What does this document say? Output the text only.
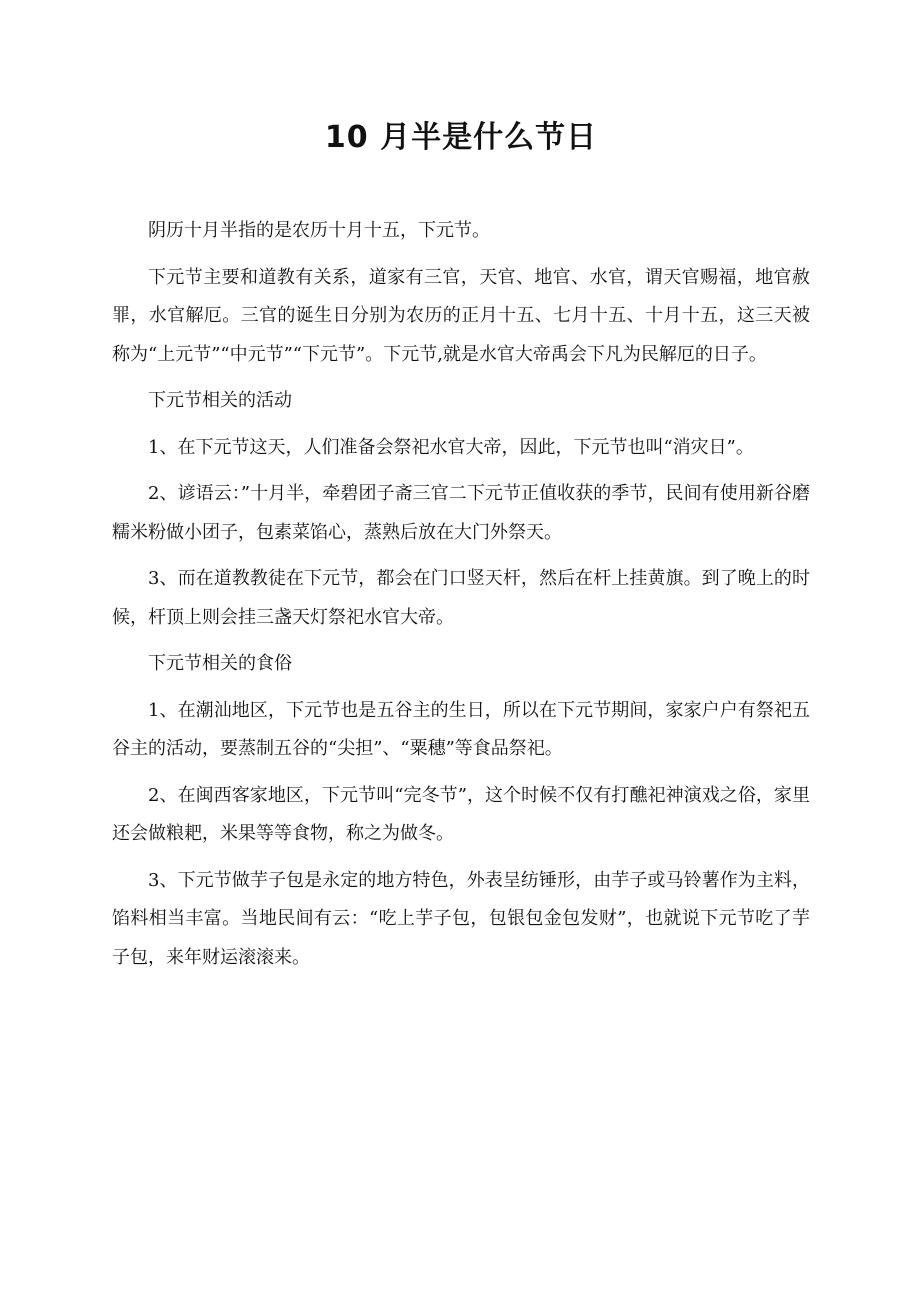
10 月半是什么节日

阴历十月半指的是农历十月十五，下元节。

下元节主要和道教有关系，道家有三官，天官、地官、水官，谓天官赐福，地官赦罪，水官解厄。三官的诞生日分别为农历的正月十五、七月十五、十月十五，这三天被称为“上元节”“中元节”“下元节”。下元节,就是水官大帝禹会下凡为民解厄的日子。

下元节相关的活动

1、在下元节这天，人们准备会祭祀水官大帝，因此，下元节也叫“消灾日”。

2、谚语云：”十月半，牵碧团子斋三官二下元节正值收获的季节，民间有使用新谷磨糯米粉做小团子，包素菜馅心，蒸熟后放在大门外祭天。

3、而在道教教徒在下元节，都会在门口竖天杆，然后在杆上挂黄旗。到了晚上的时候，杆顶上则会挂三盏天灯祭祀水官大帝。

下元节相关的食俗

1、在潮汕地区，下元节也是五谷主的生日，所以在下元节期间，家家户户有祭祀五谷主的活动，要蒸制五谷的“尖担”、“粟穗”等食品祭祀。

2、在闽西客家地区，下元节叫“完冬节”，这个时候不仅有打醮祀神演戏之俗，家里还会做粮耙，米果等等食物，称之为做冬。

3、下元节做芋子包是永定的地方特色，外表呈纺锤形，由芋子或马铃薯作为主料，馅料相当丰富。当地民间有云：“吃上芋子包，包银包金包发财”，也就说下元节吃了芋子包，来年财运滚滚来。
